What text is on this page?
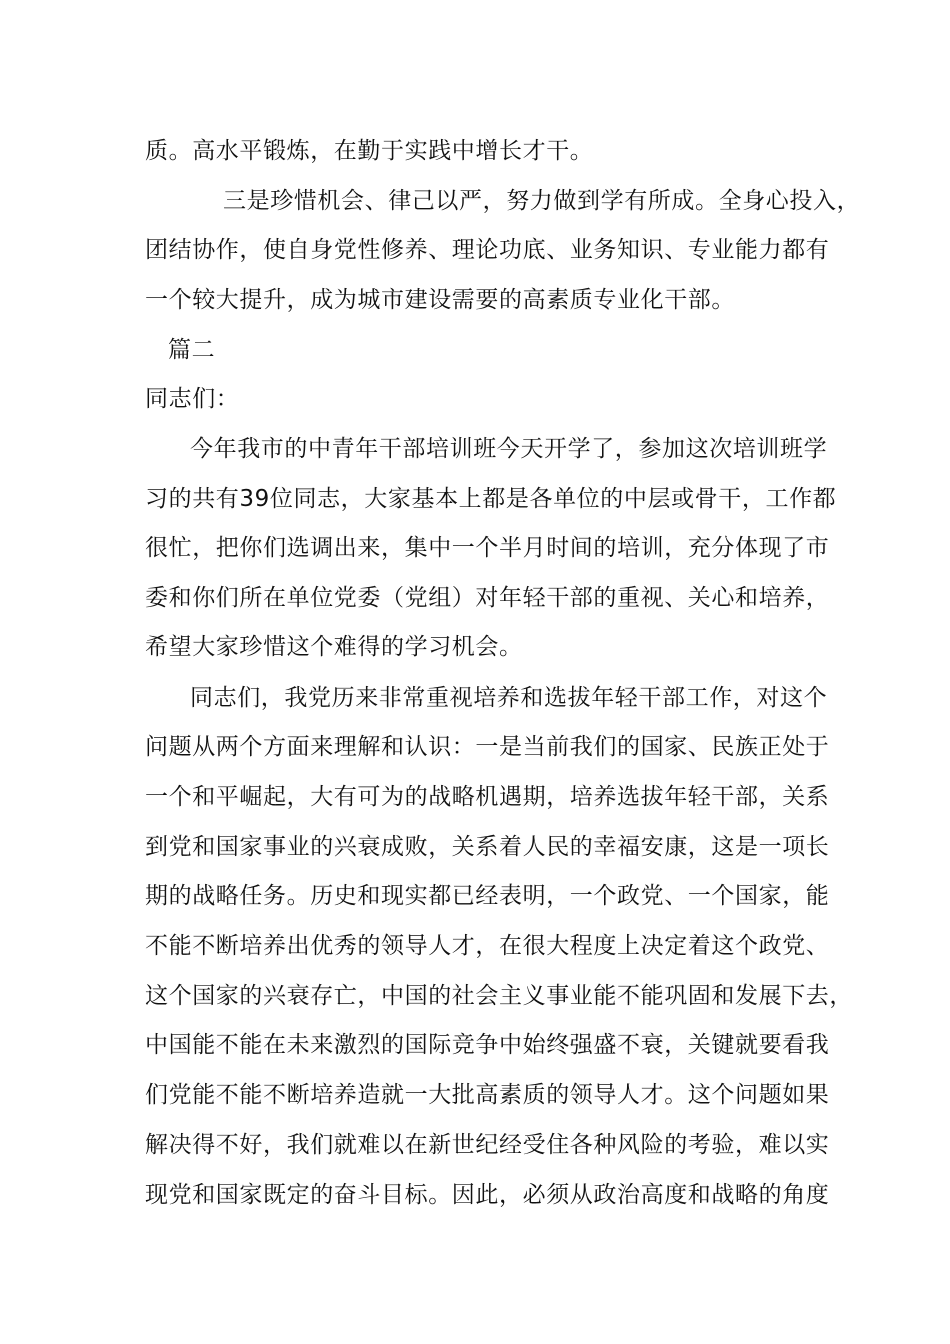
质。高水平锻炼，在勤于实践中增长才干。
三是珍惜机会、律己以严，努力做到学有所成。全身心投入，
团结协作，使自身党性修养、理论功底、业务知识、专业能力都有
一个较大提升，成为城市建设需要的高素质专业化干部。
篇二
同志们：
今年我市的中青年干部培训班今天开学了，参加这次培训班学
习的共有39位同志，大家基本上都是各单位的中层或骨干，工作都
很忙，把你们选调出来，集中一个半月时间的培训，充分体现了市
委和你们所在单位党委（党组）对年轻干部的重视、关心和培养，
希望大家珍惜这个难得的学习机会。
同志们，我党历来非常重视培养和选拔年轻干部工作，对这个
问题从两个方面来理解和认识：一是当前我们的国家、民族正处于
一个和平崛起，大有可为的战略机遇期，培养选拔年轻干部，关系
到党和国家事业的兴衰成败，关系着人民的幸福安康，这是一项长
期的战略任务。历史和现实都已经表明，一个政党、一个国家，能
不能不断培养出优秀的领导人才，在很大程度上决定着这个政党、
这个国家的兴衰存亡，中国的社会主义事业能不能巩固和发展下去，
中国能不能在未来激烈的国际竞争中始终强盛不衰，关键就要看我
们党能不能不断培养造就一大批高素质的领导人才。这个问题如果
解决得不好，我们就难以在新世纪经受住各种风险的考验，难以实
现党和国家既定的奋斗目标。因此，必须从政治高度和战略的角度
